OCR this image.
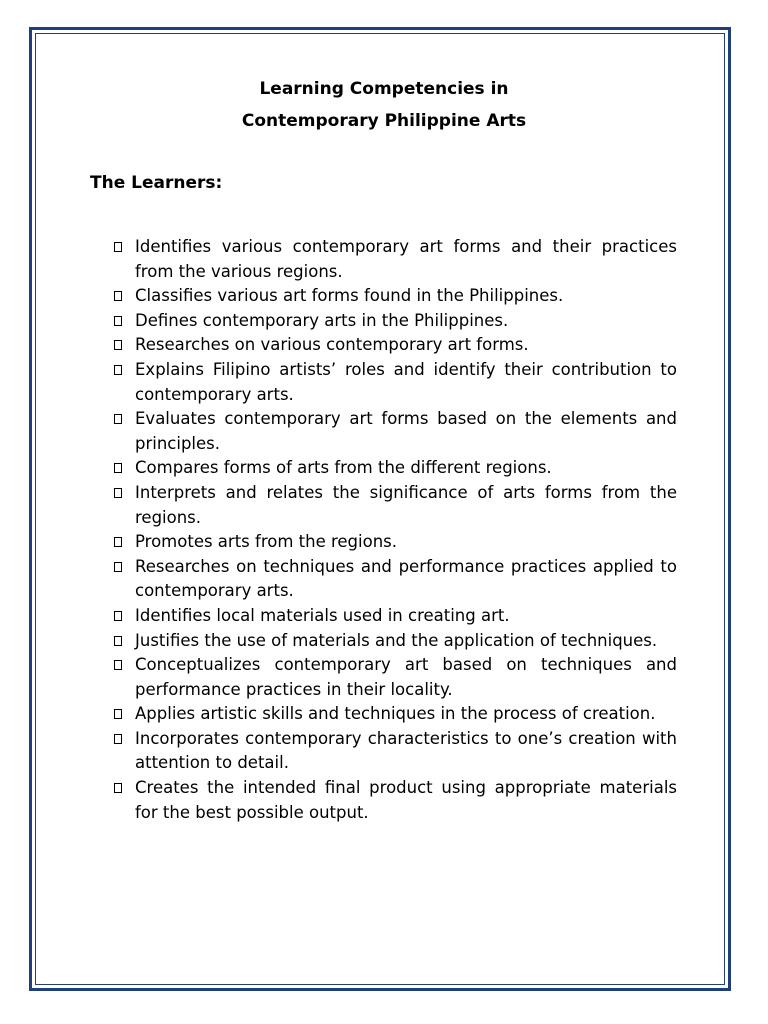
Learning Competencies in
Contemporary Philippine Arts
The Learners:
Identifies various contemporary art forms and their practices from the various regions.
Classifies various art forms found in the Philippines.
Defines contemporary arts in the Philippines.
Researches on various contemporary art forms.
Explains Filipino artists’ roles and identify their contribution to contemporary arts.
Evaluates contemporary art forms based on the elements and principles.
Compares forms of arts from the different regions.
Interprets and relates the significance of arts forms from the regions.
Promotes arts from the regions.
Researches on techniques and performance practices applied to contemporary arts.
Identifies local materials used in creating art.
Justifies the use of materials and the application of techniques.
Conceptualizes contemporary art based on techniques and performance practices in their locality.
Applies artistic skills and techniques in the process of creation.
Incorporates contemporary characteristics to one’s creation with attention to detail.
Creates the intended final product using appropriate materials for the best possible output.
